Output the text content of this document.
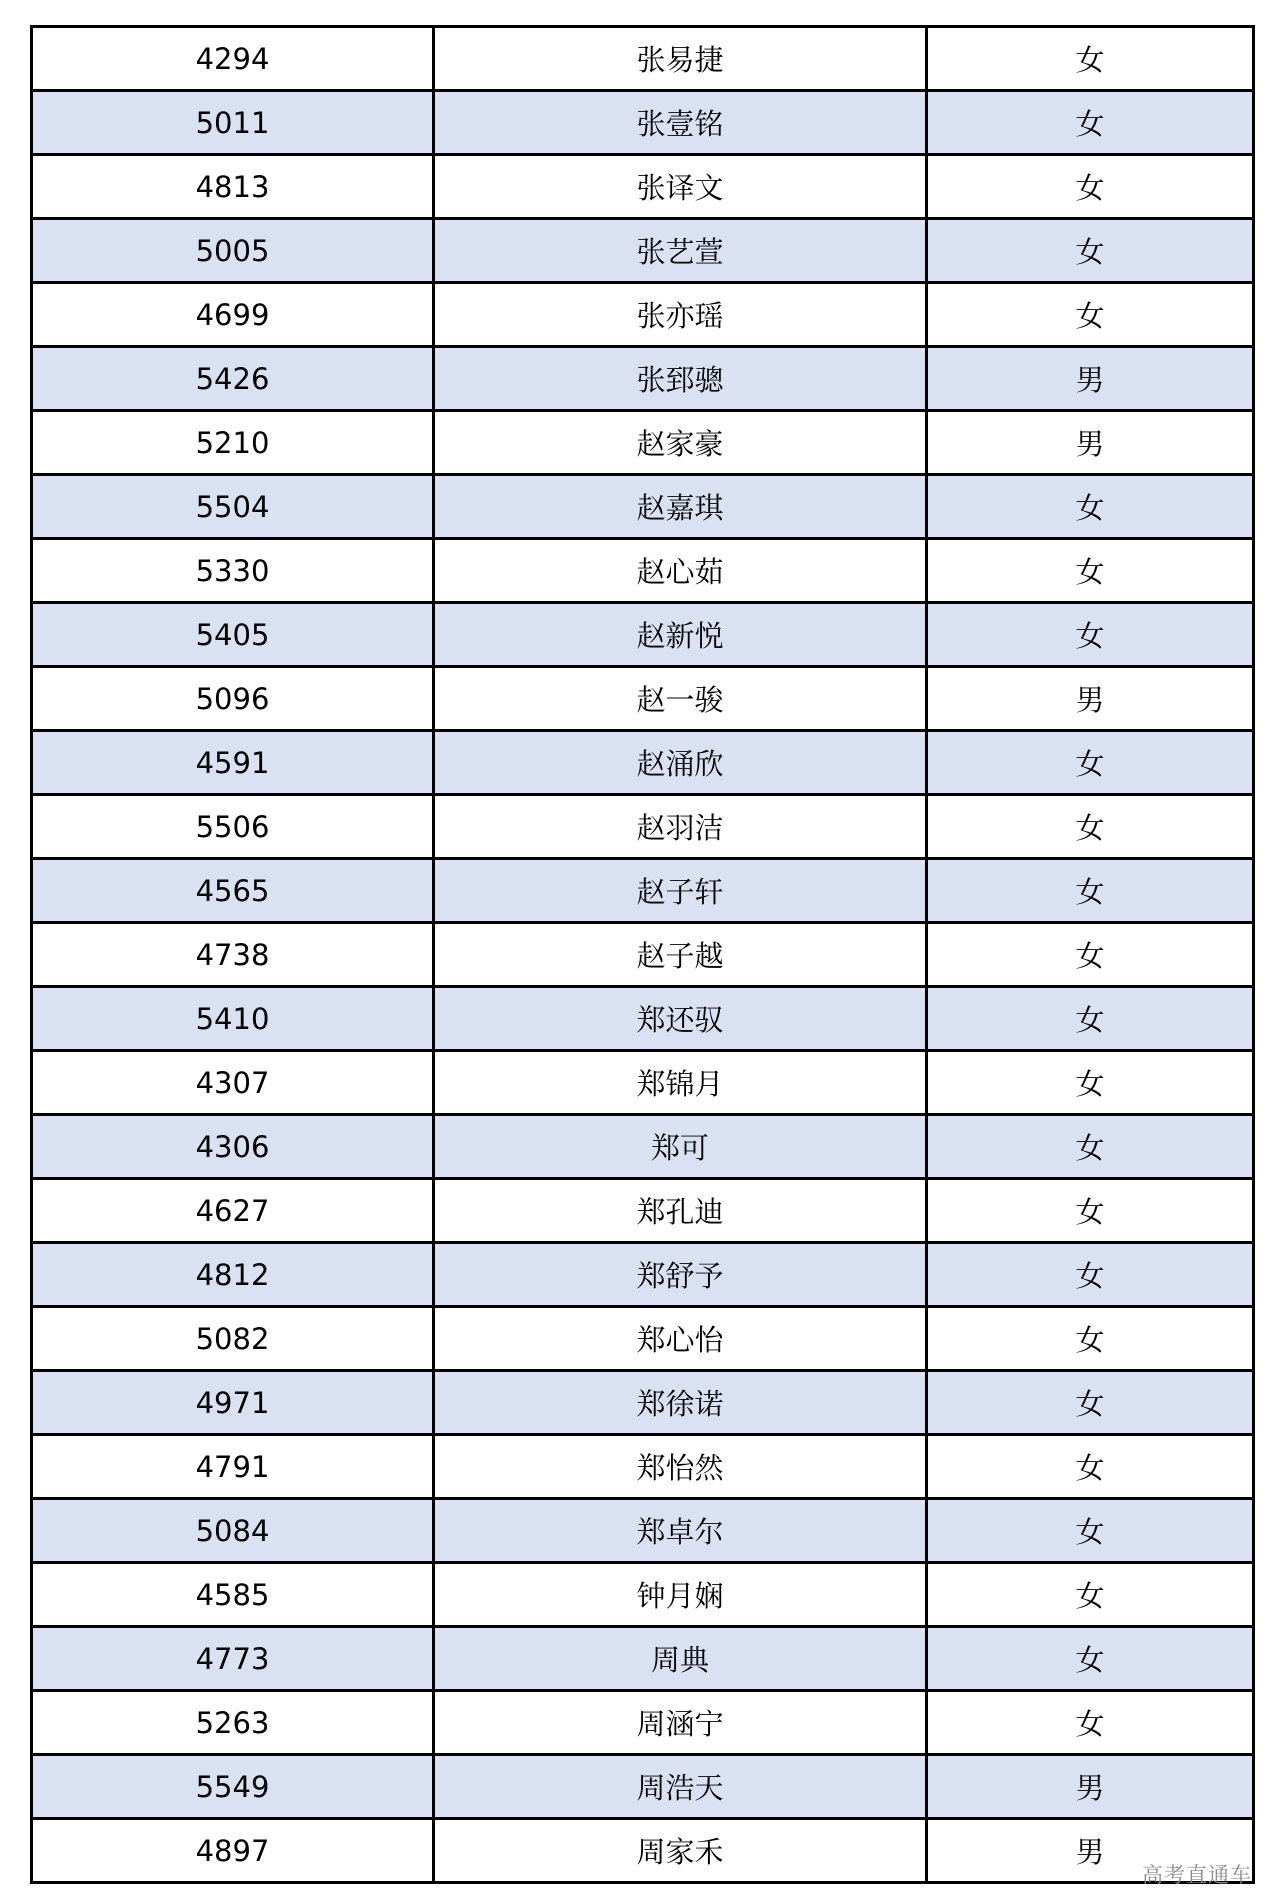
4294	张易捷	女
5011	张壹铭	女
4813	张译文	女
5005	张艺萱	女
4699	张亦瑶	女
5426	张郅骢	男
5210	赵家豪	男
5504	赵嘉琪	女
5330	赵心茹	女
5405	赵新悦	女
5096	赵一骏	男
4591	赵涌欣	女
5506	赵羽洁	女
4565	赵子轩	女
4738	赵子越	女
5410	郑还驭	女
4307	郑锦月	女
4306	郑可	女
4627	郑孔迪	女
4812	郑舒予	女
5082	郑心怡	女
4971	郑徐诺	女
4791	郑怡然	女
5084	郑卓尔	女
4585	钟月娴	女
4773	周典	女
5263	周涵宁	女
5549	周浩天	男
4897	周家禾	男
高考直通车
